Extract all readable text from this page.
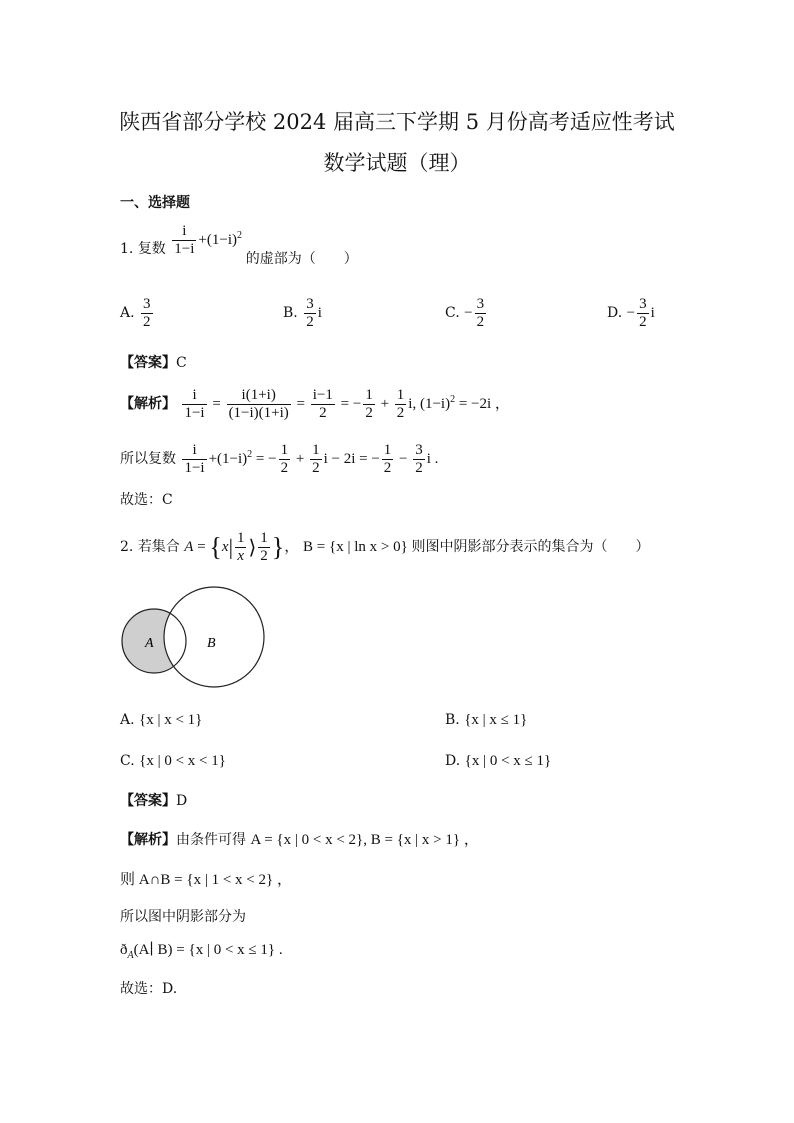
陕西省部分学校 2024 届高三下学期 5 月份高考适应性考试
数学试题（理）
一、选择题
1. 复数 $\frac{i}{1-i} +(1-i)^2$ 的虚部为（　　）
A. $\frac{3}{2}$	B. $\frac{3}{2}$ i	C. − $\frac{3}{2}$	D. − $\frac{3}{2}$ i
【答案】C
【解析】 $\frac{i}{1-i} = \frac{i(1+i)}{(1-i)(1+i)} = \frac{i-1}{2}$ = − $\frac{1}{2} + \frac{1}{2} i$, $(1-i)^2 = -2i$ ，
所以复数 $\frac{i}{1-i} +(1-i)^2$ = − $\frac{1}{2} + \frac{1}{2}$ i − 2i = − $\frac{1}{2} - \frac{3}{2}$ i .
故选：C
2. 若集合 $A = \{x| \frac{1}{x}$ ⟩ $\frac{1}{2}$ }， B = {x | ln x > 0} 则图中阴影部分表示的集合为（　　）
A	B
A. {x | x < 1}	B. {x | x ≤ 1}
C. {x | 0 < x < 1}	D. {x | 0 < x ≤ 1}
【答案】D
【解析】由条件可得 A = {x | 0 < x < 2}, B = {x | x > 1} ，
则 A∩B = {x | 1 < x < 2} ，
所以图中阴影部分为
$ð_A(A∣$ B) = {x | 0 < x ≤ 1} .
故选：D.
